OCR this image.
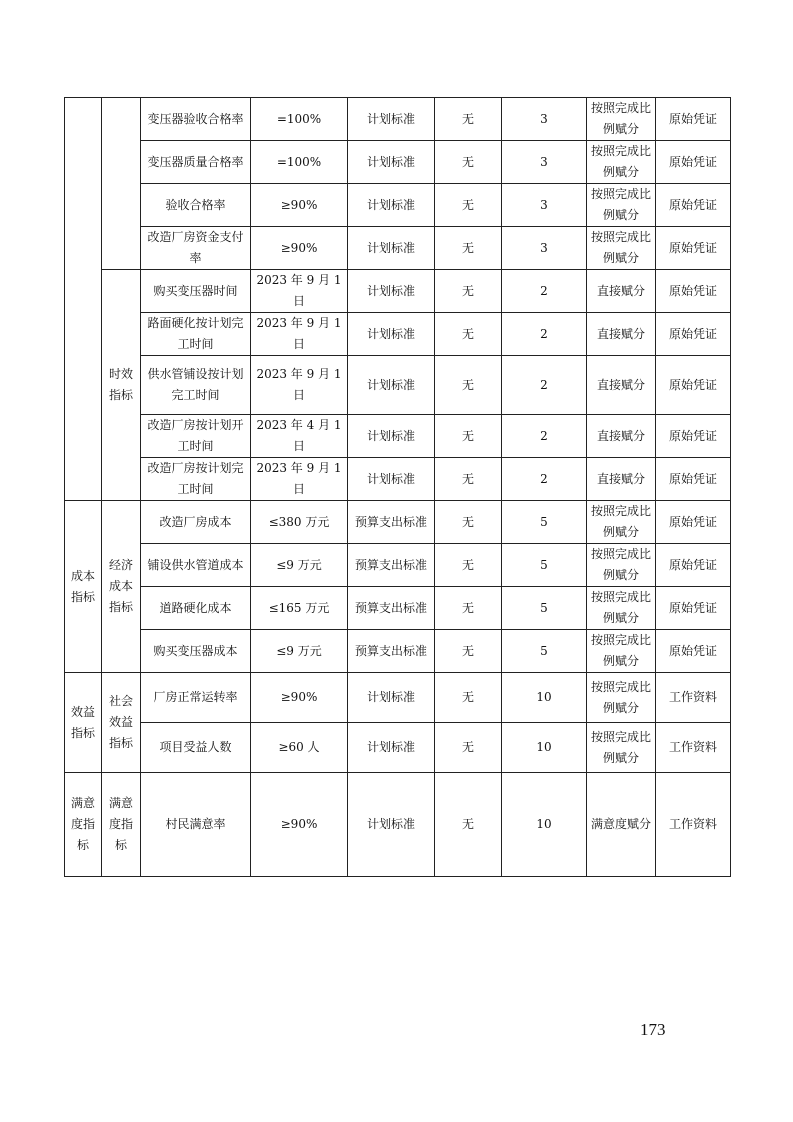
		变压器验收合格率	=100%	计划标准	无	3	按照完成比例赋分	原始凭证
		变压器质量合格率	=100%	计划标准	无	3	按照完成比例赋分	原始凭证
		验收合格率	≥90%	计划标准	无	3	按照完成比例赋分	原始凭证
		改造厂房资金支付率	≥90%	计划标准	无	3	按照完成比例赋分	原始凭证
	时效指标	购买变压器时间	2023 年 9 月 1 日	计划标准	无	2	直接赋分	原始凭证
		路面硬化按计划完工时间	2023 年 9 月 1 日	计划标准	无	2	直接赋分	原始凭证
		供水管铺设按计划完工时间	2023 年 9 月 1 日	计划标准	无	2	直接赋分	原始凭证
		改造厂房按计划开工时间	2023 年 4 月 1 日	计划标准	无	2	直接赋分	原始凭证
		改造厂房按计划完工时间	2023 年 9 月 1 日	计划标准	无	2	直接赋分	原始凭证
成本指标	经济成本指标	改造厂房成本	≤380 万元	预算支出标准	无	5	按照完成比例赋分	原始凭证
		铺设供水管道成本	≤9 万元	预算支出标准	无	5	按照完成比例赋分	原始凭证
		道路硬化成本	≤165 万元	预算支出标准	无	5	按照完成比例赋分	原始凭证
		购买变压器成本	≤9 万元	预算支出标准	无	5	按照完成比例赋分	原始凭证
效益指标	社会效益指标	厂房正常运转率	≥90%	计划标准	无	10	按照完成比例赋分	工作资料
		项目受益人数	≥60 人	计划标准	无	10	按照完成比例赋分	工作资料
满意度指标	满意度指标	村民满意率	≥90%	计划标准	无	10	满意度赋分	工作资料
173
